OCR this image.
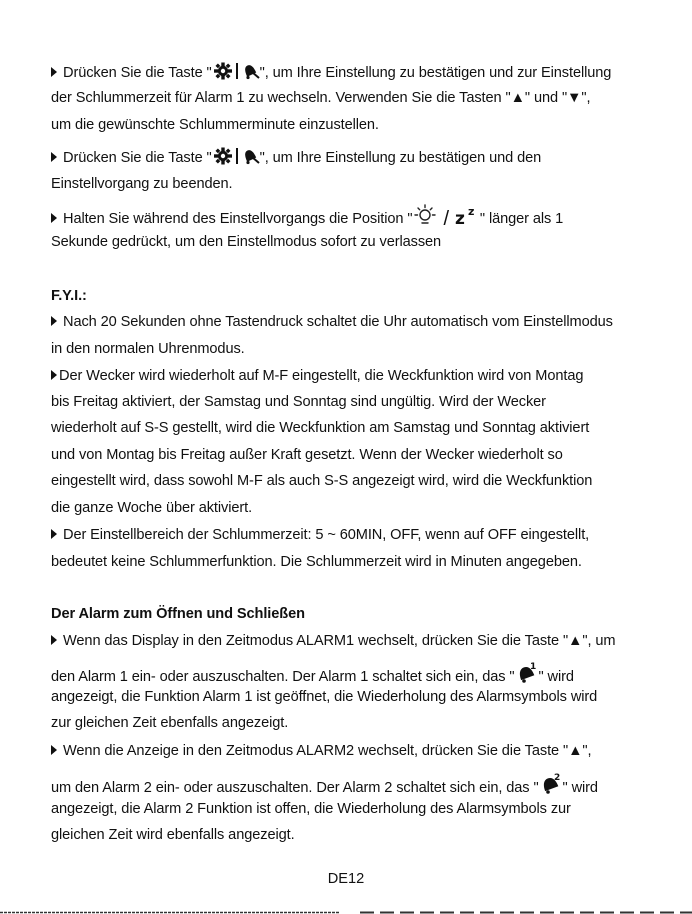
Drücken Sie die Taste "	", um Ihre Einstellung zu bestätigen und zur Einstellung
der Schlummerzeit für Alarm 1 zu wechseln. Verwenden Sie die Tasten "▲" und "▼",
um die gewünschte Schlummerminute einzustellen.
Drücken Sie die Taste "	", um Ihre Einstellung zu bestätigen und den
Einstellvorgang zu beenden.
Halten Sie während des Einstellvorgangs die Position " / z z " länger als 1
Sekunde gedrückt, um den Einstellmodus sofort zu verlassen
F.Y.I.:
Nach 20 Sekunden ohne Tastendruck schaltet die Uhr automatisch vom Einstellmodus
in den normalen Uhrenmodus.
Der Wecker wird wiederholt auf M-F eingestellt, die Weckfunktion wird von Montag
bis Freitag aktiviert, der Samstag und Sonntag sind ungültig. Wird der Wecker
wiederholt auf S-S gestellt, wird die Weckfunktion am Samstag und Sonntag aktiviert
und von Montag bis Freitag außer Kraft gesetzt. Wenn der Wecker wiederholt so
eingestellt wird, dass sowohl M-F als auch S-S angezeigt wird, wird die Weckfunktion
die ganze Woche über aktiviert.
Der Einstellbereich der Schlummerzeit: 5 ~ 60MIN, OFF, wenn auf OFF eingestellt,
bedeutet keine Schlummerfunktion. Die Schlummerzeit wird in Minuten angegeben.
Der Alarm zum Öffnen und Schließen
Wenn das Display in den Zeitmodus ALARM1 wechselt, drücken Sie die Taste "▲", um
den Alarm 1 ein- oder auszuschalten. Der Alarm 1 schaltet sich ein, das "
1
" wird
angezeigt, die Funktion Alarm 1 ist geöffnet, die Wiederholung des Alarmsymbols wird
zur gleichen Zeit ebenfalls angezeigt.
Wenn die Anzeige in den Zeitmodus ALARM2 wechselt, drücken Sie die Taste "▲",
um den Alarm 2 ein- oder auszuschalten. Der Alarm 2 schaltet sich ein, das "
2
" wird
angezeigt, die Alarm 2 Funktion ist offen, die Wiederholung des Alarmsymbols zur
gleichen Zeit wird ebenfalls angezeigt.
DE12
